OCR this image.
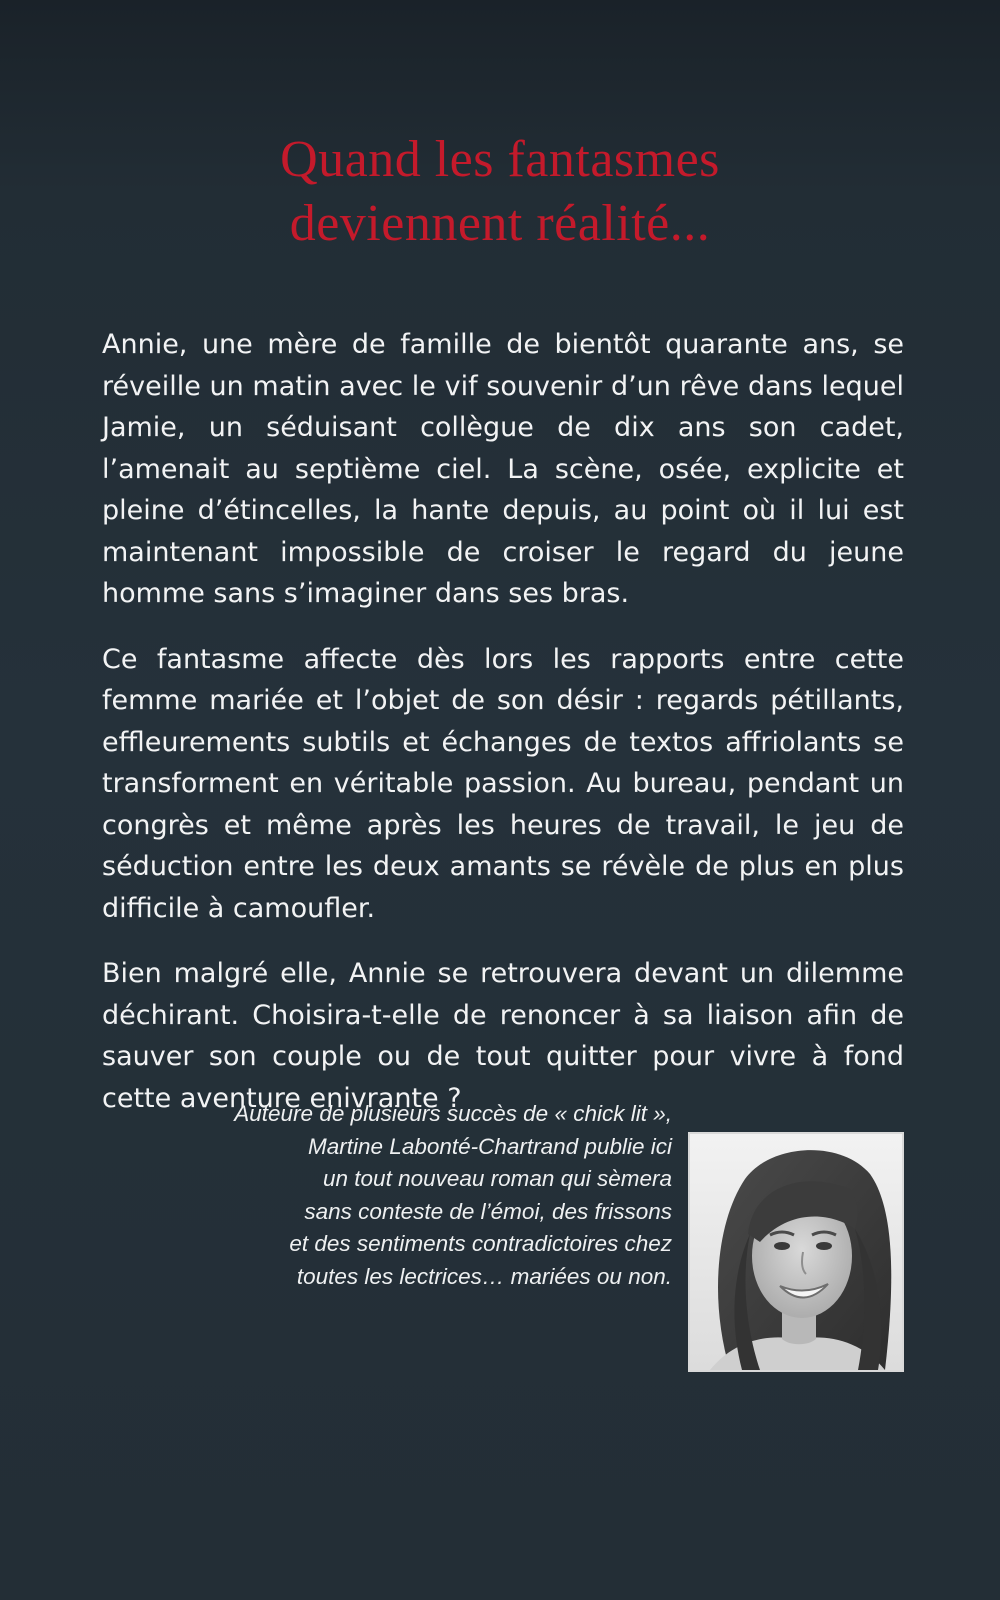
Quand les fantasmes
deviennent réalité...

Annie, une mère de famille de bientôt quarante ans, se réveille un matin avec le vif souvenir d’un rêve dans lequel Jamie, un séduisant collègue de dix ans son cadet, l’amenait au septième ciel. La scène, osée, explicite et pleine d’étincelles, la hante depuis, au point où il lui est maintenant impossible de croiser le regard du jeune homme sans s’imaginer dans ses bras.

Ce fantasme affecte dès lors les rapports entre cette femme mariée et l’objet de son désir : regards pétillants, effleurements subtils et échanges de textos affriolants se transforment en véritable passion. Au bureau, pendant un congrès et même après les heures de travail, le jeu de séduction entre les deux amants se révèle de plus en plus difficile à camoufler.

Bien malgré elle, Annie se retrouvera devant un dilemme déchirant. Choisira-t-elle de renoncer à sa liaison afin de sauver son couple ou de tout quitter pour vivre à fond cette aventure enivrante ?

Auteure de plusieurs succès de « chick lit »,
Martine Labonté-Chartrand publie ici
un tout nouveau roman qui sèmera
sans conteste de l’émoi, des frissons
et des sentiments contradictoires chez
toutes les lectrices… mariées ou non.
